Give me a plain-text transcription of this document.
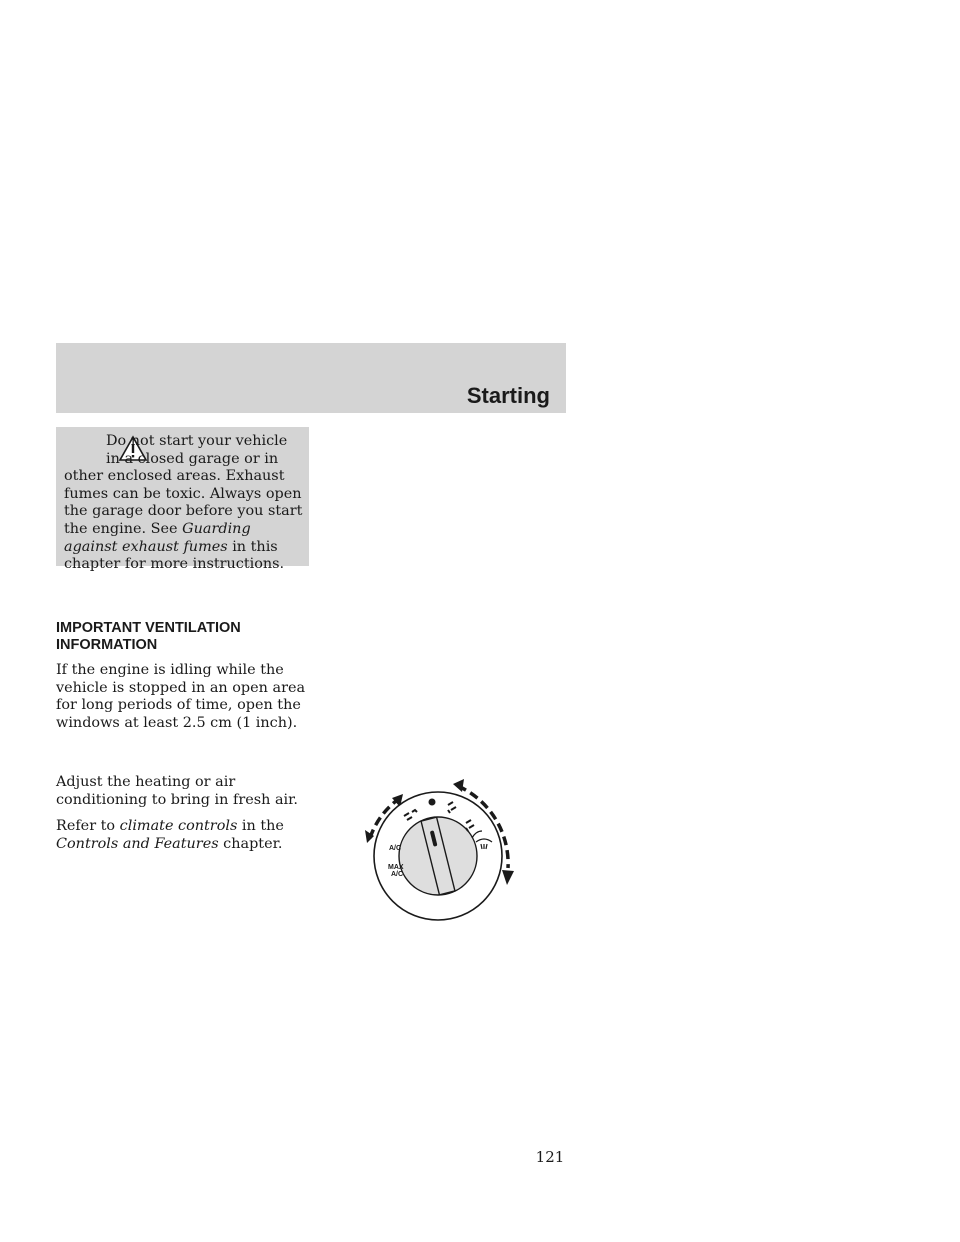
Starting

Do not start your vehicle in a closed garage or in other enclosed areas. Exhaust fumes can be toxic. Always open the garage door before you start the engine. See Guarding against exhaust fumes in this chapter for more instructions.

IMPORTANT VENTILATION INFORMATION

If the engine is idling while the vehicle is stopped in an open area for long periods of time, open the windows at least 2.5 cm (1 inch).

Adjust the heating or air conditioning to bring in fresh air.

Refer to climate controls in the Controls and Features chapter.	A/C
MAX
A/C
121
